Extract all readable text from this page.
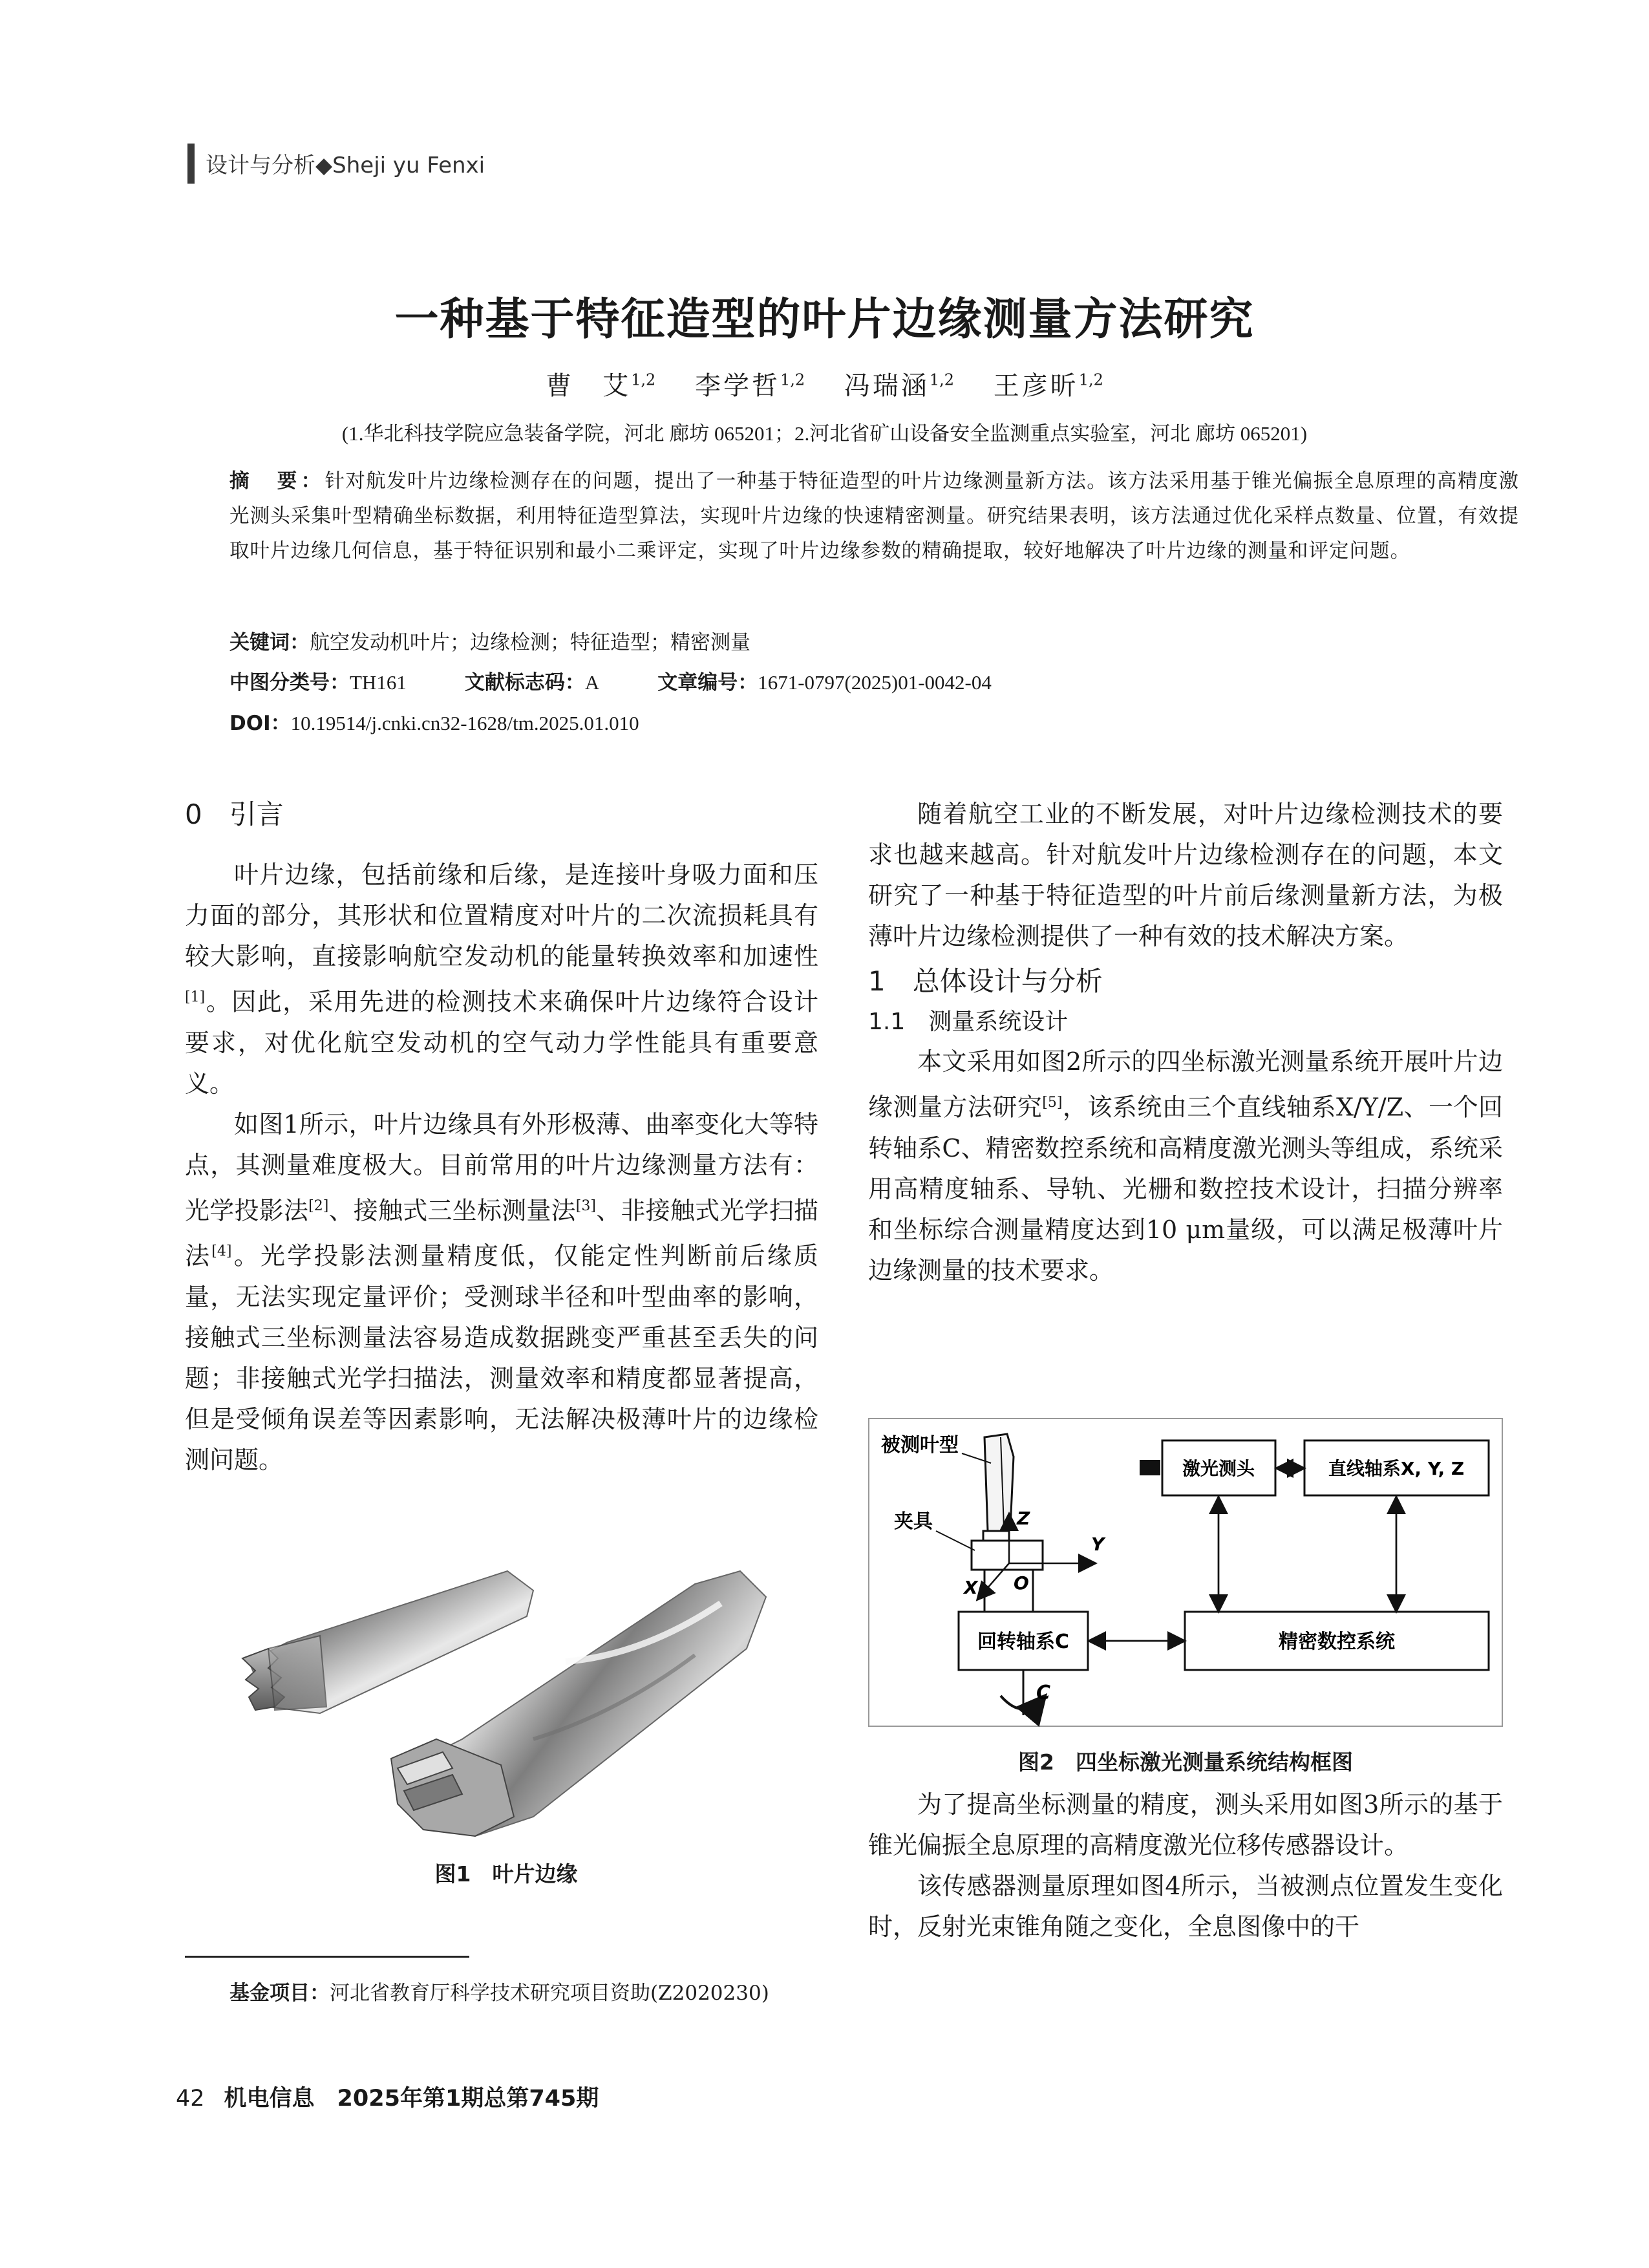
设计与分析◆Sheji yu Fenxi
一种基于特征造型的叶片边缘测量方法研究
曹　艾$^{1,2}$  李学哲$^{1,2}$  冯瑞涵$^{1,2}$  王彦昕$^{1,2}$
(1.华北科技学院应急装备学院，河北 廊坊 065201；2.河北省矿山设备安全监测重点实验室，河北 廊坊 065201)
摘　要：针对航发叶片边缘检测存在的问题，提出了一种基于特征造型的叶片边缘测量新方法。该方法采用基于锥光偏振全息原理的高精度激光测头采集叶型精确坐标数据，利用特征造型算法，实现叶片边缘的快速精密测量。研究结果表明，该方法通过优化采样点数量、位置，有效提取叶片边缘几何信息，基于特征识别和最小二乘评定，实现了叶片边缘参数的精确提取，较好地解决了叶片边缘的测量和评定问题。
关键词：航空发动机叶片；边缘检测；特征造型；精密测量
中图分类号：TH161	文献标志码：A	文章编号：1671-0797(2025)01-0042-04
DOI：10.19514/j.cnki.cn32-1628/tm.2025.01.010
0　引言

叶片边缘，包括前缘和后缘，是连接叶身吸力面和压力面的部分，其形状和位置精度对叶片的二次流损耗具有较大影响，直接影响航空发动机的能量转换效率和加速性[1]。因此，采用先进的检测技术来确保叶片边缘符合设计要求，对优化航空发动机的空气动力学性能具有重要意义。

如图1所示，叶片边缘具有外形极薄、曲率变化大等特点，其测量难度极大。目前常用的叶片边缘测量方法有：光学投影法[2]、接触式三坐标测量法[3]、非接触式光学扫描法[4]。光学投影法测量精度低，仅能定性判断前后缘质量，无法实现定量评价；受测球半径和叶型曲率的影响，接触式三坐标测量法容易造成数据跳变严重甚至丢失的问题；非接触式光学扫描法，测量效率和精度都显著提高，但是受倾角误差等因素影响，无法解决极薄叶片的边缘检测问题。

图1　叶片边缘

随着航空工业的不断发展，对叶片边缘检测技术的要求也越来越高。针对航发叶片边缘检测存在的问题，本文研究了一种基于特征造型的叶片前后缘测量新方法，为极薄叶片边缘检测提供了一种有效的技术解决方案。

1　总体设计与分析
1.1　测量系统设计

本文采用如图2所示的四坐标激光测量系统开展叶片边缘测量方法研究[5]，该系统由三个直线轴系X/Y/Z、一个回转轴系C、精密数控系统和高精度激光测头等组成，系统采用高精度轴系、导轨、光栅和数控技术设计，扫描分辨率和坐标综合测量精度达到10 μm量级，可以满足极薄叶片边缘测量的技术要求。

Z
Y
X O
被测叶型
夹具
激光测头	直线轴系X, Y, Z
回转轴系C	精密数控系统
C
图2　四坐标激光测量系统结构框图

为了提高坐标测量的精度，测头采用如图3所示的基于锥光偏振全息原理的高精度激光位移传感器设计。

该传感器测量原理如图4所示，当被测点位置发生变化时，反射光束锥角随之变化，全息图像中的干

基金项目：河北省教育厅科学技术研究项目资助(Z2020230)
42 机电信息　2025年第1期总第745期
